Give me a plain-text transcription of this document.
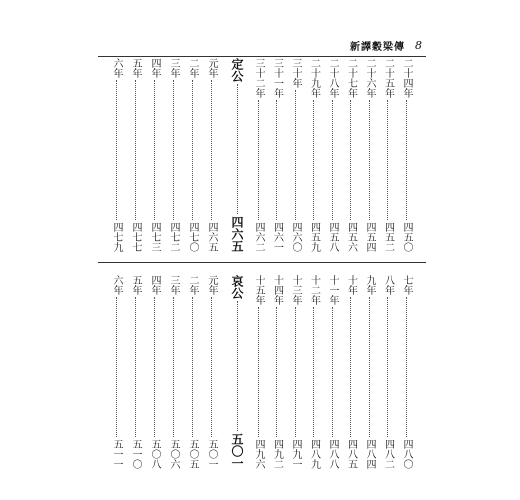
新譯穀梁傳 8
二十四年
四五〇
二十五年
四五二
二十六年
四五四
二十七年
四五六
二十八年
四五八
二十九年
四五九
三十年
四六〇
三十一年
四六一
三十二年
四六二
定公
四六五
元年
四六五
二年
四七〇
三年
四七二
四年
四七三
五年
四七七
六年
四七九
七年
四八〇
八年
四八二
九年
四八四
十年
四八五
十一年
四八八
十二年
四八九
十三年
四九一
十四年
四九二
十五年
四九六
哀公
五〇一
元年
五〇一
二年
五〇五
三年
五〇六
四年
五〇八
五年
五一〇
六年
五一一
